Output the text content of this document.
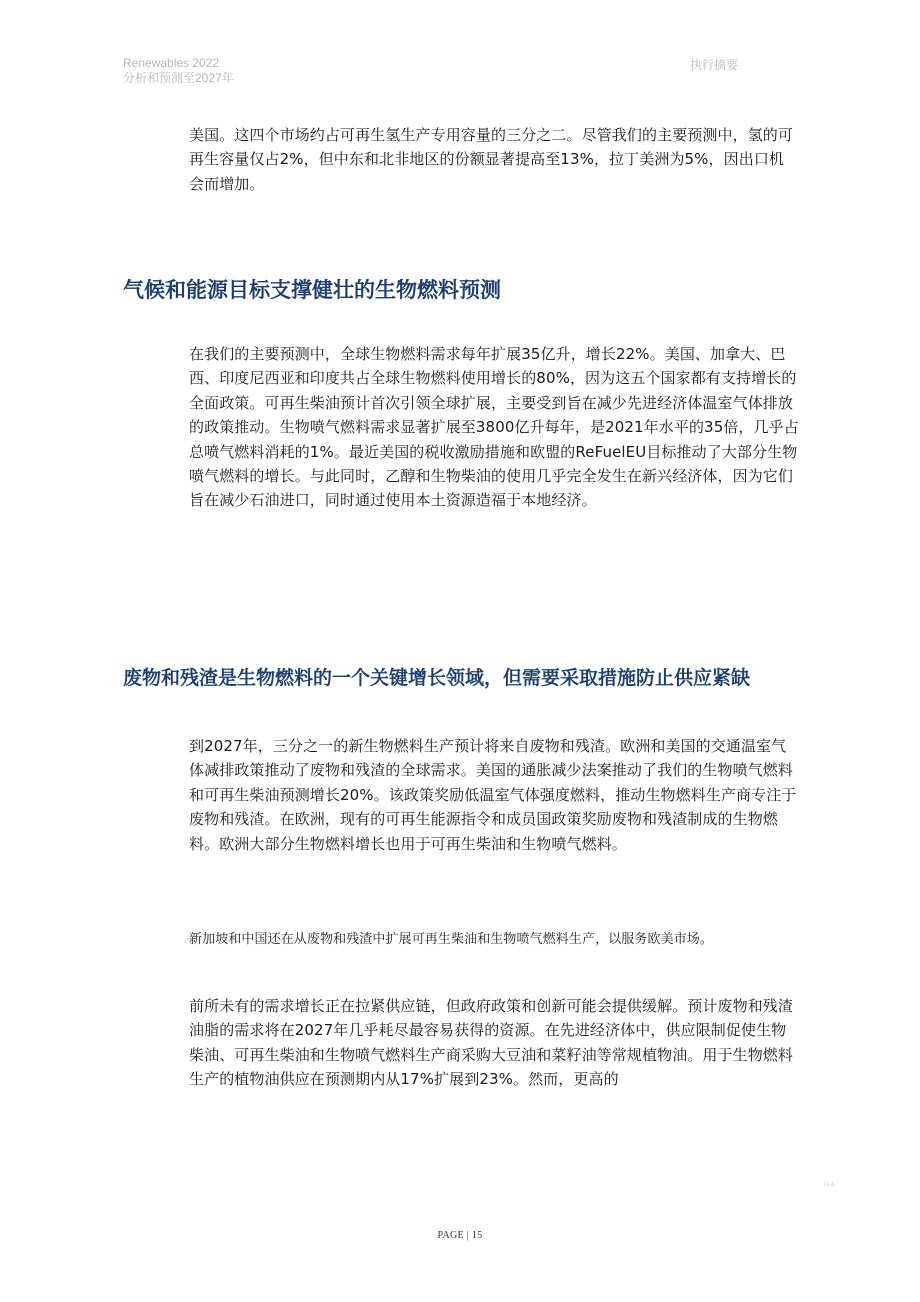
Renewables 2022
分析和预测至2027年
执行摘要

美国。这四个市场约占可再生氢生产专用容量的三分之二。尽管我们的主要预测中，氢的可再生容量仅占2%，但中东和北非地区的份额显著提高至13%，拉丁美洲为5%，因出口机会而增加。

气候和能源目标支撑健壮的生物燃料预测

在我们的主要预测中，全球生物燃料需求每年扩展35亿升，增长22%。美国、加拿大、巴西、印度尼西亚和印度共占全球生物燃料使用增长的80%，因为这五个国家都有支持增长的全面政策。可再生柴油预计首次引领全球扩展，主要受到旨在减少先进经济体温室气体排放的政策推动。生物喷气燃料需求显著扩展至3800亿升每年，是2021年水平的35倍，几乎占总喷气燃料消耗的1%。最近美国的税收激励措施和欧盟的ReFuelEU目标推动了大部分生物喷气燃料的增长。与此同时，乙醇和生物柴油的使用几乎完全发生在新兴经济体，因为它们旨在减少石油进口，同时通过使用本土资源造福于本地经济。

废物和残渣是生物燃料的一个关键增长领域，但需要采取措施防止供应紧缺

到2027年，三分之一的新生物燃料生产预计将来自废物和残渣。欧洲和美国的交通温室气体减排政策推动了废物和残渣的全球需求。美国的通胀减少法案推动了我们的生物喷气燃料和可再生柴油预测增长20%。该政策奖励低温室气体强度燃料，推动生物燃料生产商专注于废物和残渣。在欧洲，现有的可再生能源指令和成员国政策奖励废物和残渣制成的生物燃料。欧洲大部分生物燃料增长也用于可再生柴油和生物喷气燃料。

新加坡和中国还在从废物和残渣中扩展可再生柴油和生物喷气燃料生产，以服务欧美市场。

前所未有的需求增长正在拉紧供应链，但政府政策和创新可能会提供缓解。预计废物和残渣油脂的需求将在2027年几乎耗尽最容易获得的资源。在先进经济体中，供应限制促使生物柴油、可再生柴油和生物喷气燃料生产商采购大豆油和菜籽油等常规植物油。用于生物燃料生产的植物油供应在预测期内从17%扩展到23%。然而，更高的

PAGE | 15
IEA.
